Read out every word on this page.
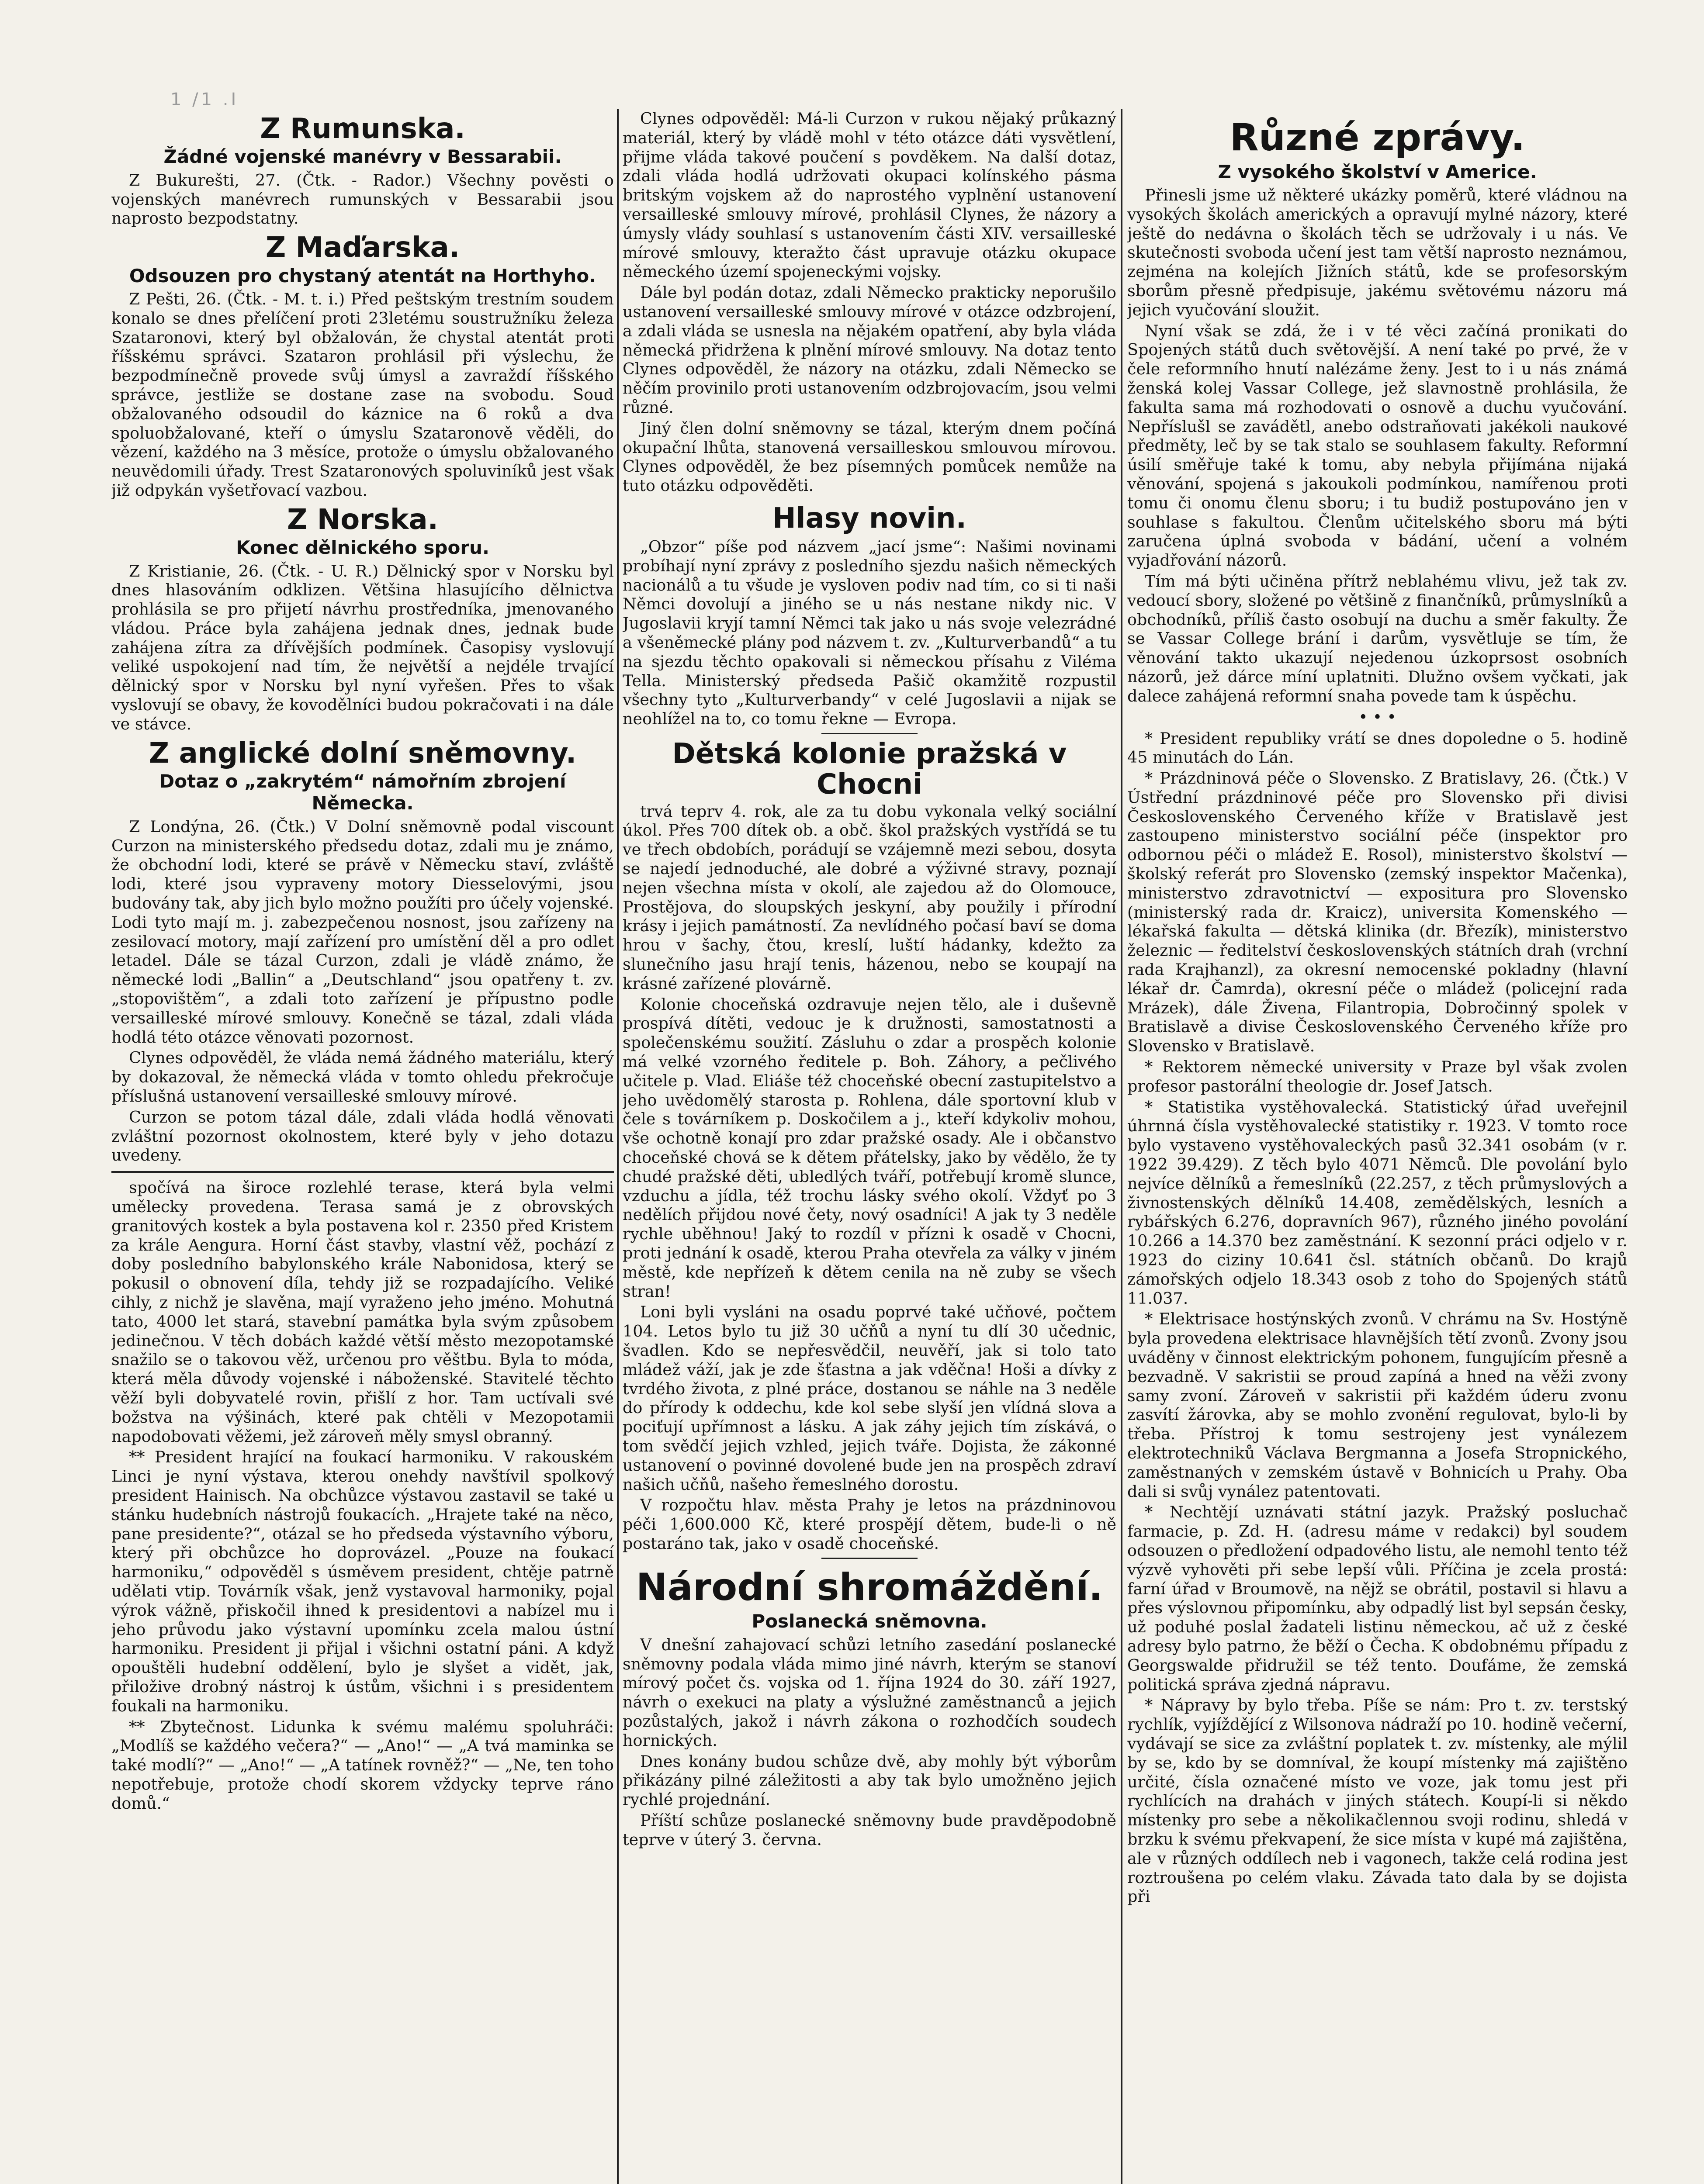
1 /1 .I
Z Rumunska.
Žádné vojenské manévry v Bessarabii.

Z Bukurešti, 27. (Čtk. - Rador.) Všechny pověsti o vojenských manévrech rumunských v Bessarabii jsou naprosto bezpodstatny.

Z Maďarska.
Odsouzen pro chystaný atentát na Horthyho.

Z Pešti, 26. (Čtk. - M. t. i.) Před peštským trestním soudem konalo se dnes přelíčení proti 23letému soustružníku železa Szataronovi, který byl obžalován, že chystal atentát proti říšskému správci. Szataron prohlásil při výslechu, že bezpodmínečně provede svůj úmysl a zavraždí říšského správce, jestliže se dostane zase na svobodu. Soud obžalovaného odsoudil do káznice na 6 roků a dva spoluobžalované, kteří o úmyslu Szataronově věděli, do vězení, každého na 3 měsíce, protože o úmyslu obžalovaného neuvědomili úřady. Trest Szataronových spoluviníků jest však již odpykán vyšetřovací vazbou.

Z Norska.
Konec dělnického sporu.

Z Kristianie, 26. (Čtk. - U. R.) Dělnický spor v Norsku byl dnes hlasováním odklizen. Většina hlasujícího dělnictva prohlásila se pro přijetí návrhu prostředníka, jmenovaného vládou. Práce byla zahájena jednak dnes, jednak bude zahájena zítra za dřívějších podmínek. Časopisy vyslovují veliké uspokojení nad tím, že největší a nejdéle trvající dělnický spor v Norsku byl nyní vyřešen. Přes to však vyslovují se obavy, že kovodělníci budou pokračovati i na dále ve stávce.

Z anglické dolní sněmovny.
Dotaz o „zakrytém“ námořním zbrojení Německa.

Z Londýna, 26. (Čtk.) V Dolní sněmovně podal viscount Curzon na ministerského předsedu dotaz, zdali mu je známo, že obchodní lodi, které se právě v Německu staví, zvláště lodi, které jsou vypraveny motory Diesselovými, jsou budovány tak, aby jich bylo možno použíti pro účely vojenské. Lodi tyto mají m. j. zabezpečenou nosnost, jsou zařízeny na zesilovací motory, mají zařízení pro umístění děl a pro odlet letadel. Dále se tázal Curzon, zdali je vládě známo, že německé lodi „Ballin“ a „Deutschland“ jsou opatřeny t. zv. „stopovištěm“, a zdali toto zařízení je přípustno podle versailleské mírové smlouvy. Konečně se tázal, zdali vláda hodlá této otázce věnovati pozornost.

Clynes odpověděl, že vláda nemá žádného materiálu, který by dokazoval, že německá vláda v tomto ohledu překročuje příslušná ustanovení versailleské smlouvy mírové.

Curzon se potom tázal dále, zdali vláda hodlá věnovati zvláštní pozornost okolnostem, které byly v jeho dotazu uvedeny.

spočívá na široce rozlehlé terase, která byla velmi umělecky provedena. Terasa samá je z obrovských granitových kostek a byla postavena kol r. 2350 před Kristem za krále Aengura. Horní část stavby, vlastní věž, pochází z doby posledního babylonského krále Nabonidosa, který se pokusil o obnovení díla, tehdy již se rozpadajícího. Veliké cihly, z nichž je slavěna, mají vyraženo jeho jméno. Mohutná tato, 4000 let stará, stavební památka byla svým způsobem jedinečnou. V těch dobách každé větší město mezopotamské snažilo se o takovou věž, určenou pro věštbu. Byla to móda, která měla důvody vojenské i náboženské. Stavitelé těchto věží byli dobyvatelé rovin, přišlí z hor. Tam uctívali své božstva na výšinách, které pak chtěli v Mezopotamii napodobovati věžemi, jež zároveň měly smysl obranný.

** President hrající na foukací harmoniku. V rakouském Linci je nyní výstava, kterou onehdy navštívil spolkový president Hainisch. Na obchůzce výstavou zastavil se také u stánku hudebních nástrojů foukacích. „Hrajete také na něco, pane presidente?“, otázal se ho předseda výstavního výboru, který při obchůzce ho doprovázel. „Pouze na foukací harmoniku,“ odpověděl s úsměvem president, chtěje patrně udělati vtip. Továrník však, jenž vystavoval harmoniky, pojal výrok vážně, přiskočil ihned k presidentovi a nabízel mu i jeho průvodu jako výstavní upomínku zcela malou ústní harmoniku. President ji přijal i všichni ostatní páni. A když opouštěli hudební oddělení, bylo je slyšet a vidět, jak, přiložive drobný nástroj k ústům, všichni i s presidentem foukali na harmoniku.

** Zbytečnost. Lidunka k svému malému spoluhráči: „Modlíš se každého večera?“ — „Ano!“ — „A tvá maminka se také modlí?“ — „Ano!“ — „A tatínek rovněž?“ — „Ne, ten toho nepotřebuje, protože chodí skorem vždycky teprve ráno domů.“

Clynes odpověděl: Má-li Curzon v rukou nějaký průkazný materiál, který by vládě mohl v této otázce dáti vysvětlení, přijme vláda takové poučení s povděkem. Na další dotaz, zdali vláda hodlá udržovati okupaci kolínského pásma britským vojskem až do naprostého vyplnění ustanovení versailleské smlouvy mírové, prohlásil Clynes, že názory a úmysly vlády souhlasí s ustanovením části XIV. versailleské mírové smlouvy, kteražto část upravuje otázku okupace německého území spojeneckými vojsky.

Dále byl podán dotaz, zdali Německo prakticky neporušilo ustanovení versailleské smlouvy mírové v otázce odzbrojení, a zdali vláda se usnesla na nějakém opatření, aby byla vláda německá přidržena k plnění mírové smlouvy. Na dotaz tento Clynes odpověděl, že názory na otázku, zdali Německo se něčím provinilo proti ustanovením odzbrojovacím, jsou velmi různé.

Jiný člen dolní sněmovny se tázal, kterým dnem počíná okupační lhůta, stanovená versailleskou smlouvou mírovou. Clynes odpověděl, že bez písemných pomůcek nemůže na tuto otázku odpověděti.

Hlasy novin.

„Obzor“ píše pod názvem „jací jsme“: Našimi novinami probíhají nyní zprávy z posledního sjezdu našich německých nacionálů a tu všude je vysloven podiv nad tím, co si ti naši Němci dovolují a jiného se u nás nestane nikdy nic. V Jugoslavii kryjí tamní Němci tak jako u nás svoje velezrádné a všeněmecké plány pod názvem t. zv. „Kulturverbandů“ a tu na sjezdu těchto opakovali si německou přísahu z Viléma Tella. Ministerský předseda Pašič okamžitě rozpustil všechny tyto „Kulturverbandy“ v celé Jugoslavii a nijak se neohlížel na to, co tomu řekne — Evropa.

Dětská kolonie pražská v Chocni

trvá teprv 4. rok, ale za tu dobu vykonala velký sociální úkol. Přes 700 dítek ob. a obč. škol pražských vystřídá se tu ve třech obdobích, porádují se vzájemně mezi sebou, dosyta se najedí jednoduché, ale dobré a výživné stravy, poznají nejen všechna místa v okolí, ale zajedou až do Olomouce, Prostějova, do sloupských jeskyní, aby použily i přírodní krásy i jejich památností. Za nevlídného počasí baví se doma hrou v šachy, čtou, kreslí, luští hádanky, kdežto za slunečního jasu hrají tenis, házenou, nebo se koupají na krásné zařízené plovárně.

Kolonie choceňská ozdravuje nejen tělo, ale i duševně prospívá dítěti, vedouc je k družnosti, samostatnosti a společenskému soužití. Zásluhu o zdar a prospěch kolonie má velké vzorného ředitele p. Boh. Záhory, a pečlivého učitele p. Vlad. Eliáše též choceňské obecní zastupitelstvo a jeho uvědomělý starosta p. Rohlena, dále sportovní klub v čele s továrníkem p. Doskočilem a j., kteří kdykoliv mohou, vše ochotně konají pro zdar pražské osady. Ale i občanstvo choceňské chová se k dětem přátelsky, jako by vědělo, že ty chudé pražské děti, ubledlých tváří, potřebují kromě slunce, vzduchu a jídla, též trochu lásky svého okolí. Vždyť po 3 nedělích přijdou nové čety, nový osadníci! A jak ty 3 neděle rychle uběhnou! Jaký to rozdíl v přízni k osadě v Chocni, proti jednání k osadě, kterou Praha otevřela za války v jiném městě, kde nepřízeň k dětem cenila na ně zuby se všech stran!

Loni byli vysláni na osadu poprvé také učňové, počtem 104. Letos bylo tu již 30 učňů a nyní tu dlí 30 učednic, švadlen. Kdo se nepřesvědčil, neuvěří, jak si tolo tato mládež váží, jak je zde šťastna a jak vděčna! Hoši a dívky z tvrdého života, z plné práce, dostanou se náhle na 3 neděle do přírody k oddechu, kde kol sebe slyší jen vlídná slova a pociťují upřímnost a lásku. A jak záhy jejich tím získává, o tom svědčí jejich vzhled, jejich tváře. Dojista, že zákonné ustanovení o povinné dovolené bude jen na prospěch zdraví našich učňů, našeho řemeslného dorostu.

V rozpočtu hlav. města Prahy je letos na prázdninovou péči 1,600.000 Kč, které prospějí dětem, bude-li o ně postaráno tak, jako v osadě choceňské.

Národní shromáždění.
Poslanecká sněmovna.

V dnešní zahajovací schůzi letního zasedání poslanecké sněmovny podala vláda mimo jiné návrh, kterým se stanoví mírový počet čs. vojska od 1. října 1924 do 30. září 1927, návrh o exekuci na platy a výslužné zaměstnanců a jejich pozůstalých, jakož i návrh zákona o rozhodčích soudech hornických.

Dnes konány budou schůze dvě, aby mohly být výborům přikázány pilné záležitosti a aby tak bylo umožněno jejich rychlé projednání.

Příští schůze poslanecké sněmovny bude pravděpodobně teprve v úterý 3. června.

Různé zprávy.
Z vysokého školství v Americe.

Přinesli jsme už některé ukázky poměrů, které vládnou na vysokých školách amerických a opravují mylné názory, které ještě do nedávna o školách těch se udržovaly i u nás. Ve skutečnosti svoboda učení jest tam větší naprosto neznámou, zejména na kolejích Jižních států, kde se profesorským sborům přesně předpisuje, jakému světovému názoru má jejich vyučování sloužit.

Nyní však se zdá, že i v té věci začíná pronikati do Spojených států duch světovější. A není také po prvé, že v čele reformního hnutí nalézáme ženy. Jest to i u nás známá ženská kolej Vassar College, jež slavnostně prohlásila, že fakulta sama má rozhodovati o osnově a duchu vyučování. Nepříslušl se zavádětl, anebo odstraňovati jakékoli naukové předměty, leč by se tak stalo se souhlasem fakulty. Reformní úsilí směřuje také k tomu, aby nebyla přijímána nijaká věnování, spojená s jakoukoli podmínkou, namířenou proti tomu či onomu členu sboru; i tu budiž postupováno jen v souhlase s fakultou. Členům učitelského sboru má býti zaručena úplná svoboda v bádání, učení a volném vyjadřování názorů.

Tím má býti učiněna přítrž neblahému vlivu, jež tak zv. vedoucí sbory, složené po většině z finančníků, průmyslníků a obchodníků, příliš často osobují na duchu a směr fakulty. Že se Vassar College brání i darům, vysvětluje se tím, že věnování takto ukazují nejedenou úzkoprsost osobních názorů, jež dárce míní uplatniti. Dlužno ovšem vyčkati, jak dalece zahájená reformní snaha povede tam k úspěchu.

• • •

* President republiky vrátí se dnes dopoledne o 5. hodině 45 minutách do Lán.

* Prázdninová péče o Slovensko. Z Bratislavy, 26. (Čtk.) V Ústřední prázdninové péče pro Slovensko při divisi Československého Červeného kříže v Bratislavě jest zastoupeno ministerstvo sociální péče (inspektor pro odbornou péči o mládež E. Rosol), ministerstvo školství — školský referát pro Slovensko (zemský inspektor Mačenka), ministerstvo zdravotnictví — expositura pro Slovensko (ministerský rada dr. Kraicz), universita Komenského — lékařská fakulta — dětská klinika (dr. Březík), ministerstvo železnic — ředitelství československých státních drah (vrchní rada Krajhanzl), za okresní nemocenské pokladny (hlavní lékař dr. Čamrda), okresní péče o mládež (policejní rada Mrázek), dále Živena, Filantropia, Dobročinný spolek v Bratislavě a divise Československého Červeného kříže pro Slovensko v Bratislavě.

* Rektorem německé university v Praze byl však zvolen profesor pastorální theologie dr. Josef Jatsch.

* Statistika vystěhovalecká. Statistický úřad uveřejnil úhrnná čísla vystěhovalecké statistiky r. 1923. V tomto roce bylo vystaveno vystěhovaleckých pasů 32.341 osobám (v r. 1922 39.429). Z těch bylo 4071 Němců. Dle povolání bylo nejvíce dělníků a řemeslníků (22.257, z těch průmyslových a živnostenských dělníků 14.408, zemědělských, lesních a rybářských 6.276, dopravních 967), různého jiného povolání 10.266 a 14.370 bez zaměstnání. K sezonní práci odjelo v r. 1923 do ciziny 10.641 čsl. státních občanů. Do krajů zámořských odjelo 18.343 osob z toho do Spojených států 11.037.

* Elektrisace hostýnských zvonů. V chrámu na Sv. Hostýně byla provedena elektrisace hlavnějších tětí zvonů. Zvony jsou uváděny v činnost elektrickým pohonem, fungujícím přesně a bezvadně. V sakristii se proud zapíná a hned na věži zvony samy zvoní. Zároveň v sakristii při každém úderu zvonu zasvítí žárovka, aby se mohlo zvonění regulovat, bylo-li by třeba. Přístroj k tomu sestrojeny jest vynálezem elektrotechniků Václava Bergmanna a Josefa Stropnického, zaměstnaných v zemském ústavě v Bohnicích u Prahy. Oba dali si svůj vynález patentovati.

* Nechtějí uznávati státní jazyk. Pražský posluchač farmacie, p. Zd. H. (adresu máme v redakci) byl soudem odsouzen o předložení odpadového listu, ale nemohl tento též výzvě vyhověti při sebe lepší vůli. Příčina je zcela prostá: farní úřad v Broumově, na nějž se obrátil, postavil si hlavu a přes výslovnou připomínku, aby odpadlý list byl sepsán česky, už poduhé poslal žadateli listinu německou, ač už z české adresy bylo patrno, že běží o Čecha. K obdobnému případu z Georgswalde přidružil se též tento. Doufáme, že zemská politická správa zjedná nápravu.

* Nápravy by bylo třeba. Píše se nám: Pro t. zv. terstský rychlík, vyjíždějící z Wilsonova nádraží po 10. hodině večerní, vydávají se sice za zvláštní poplatek t. zv. místenky, ale mýlil by se, kdo by se domníval, že koupí místenky má zajištěno určité, čísla označené místo ve voze, jak tomu jest při rychlících na drahách v jiných státech. Koupí-li si někdo místenky pro sebe a několikačlennou svoji rodinu, shledá v brzku k svému překvapení, že sice místa v kupé má zajištěna, ale v různých oddílech neb i vagonech, takže celá rodina jest roztroušena po celém vlaku. Závada tato dala by se dojista při
